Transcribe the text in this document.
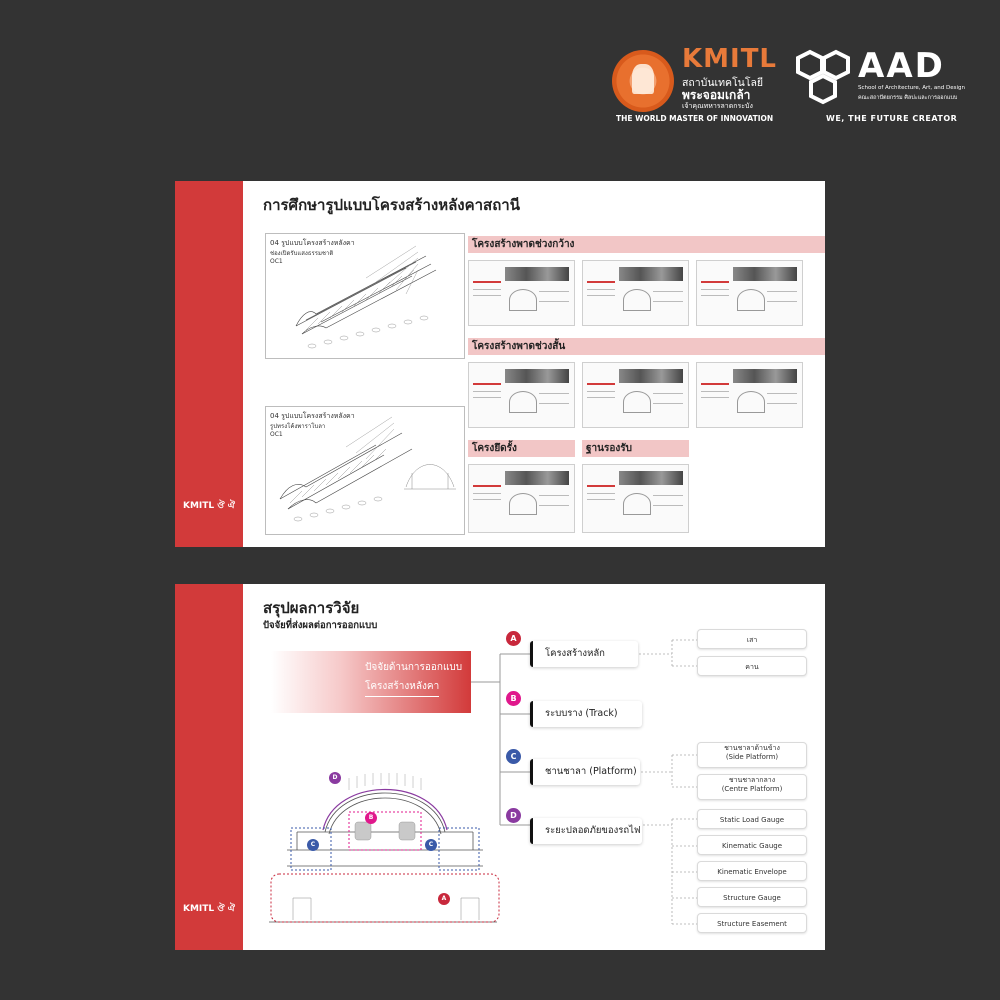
KMITL
สถาบันเทคโนโลยี
พระจอมเกล้า
เจ้าคุณทหารลาดกระบัง
THE WORLD MASTER OF INNOVATION
AAD
School of Architecture, Art, and Design
คณะสถาปัตยกรรม ศิลปะและการออกแบบ
WE, THE FUTURE CREATOR
KMITL ঔ ঐ
การศึกษารูปแบบโครงสร้างหลังคาสถานี
04 รูปแบบโครงสร้างหลังคา
ช่องเปิดรับแสงธรรมชาติ
OC1
04 รูปแบบโครงสร้างหลังคา
รูปทรงโค้งพาราโบลา
OC1
โครงสร้างพาดช่วงกว้าง
โครงสร้างพาดช่วงสั้น
โครงยึดรั้ง	ฐานรองรับ
KMITL ঔ ঐ
สรุปผลการวิจัย
ปัจจัยที่ส่งผลต่อการออกแบบ
ปัจจัยด้านการออกแบบ
โครงสร้างหลังคา
A
โครงสร้างหลัก
B
ระบบราง (Track)
C
ชานชาลา (Platform)
D
ระยะปลอดภัยของรถไฟ
เสา
คาน
ชานชาลาด้านข้าง
(Side Platform)
ชานชาลากลาง
(Centre Platform)
Static Load Gauge
Kinematic Gauge
Kinematic Envelope
Structure Gauge
Structure Easement
D
B
C	C
A
